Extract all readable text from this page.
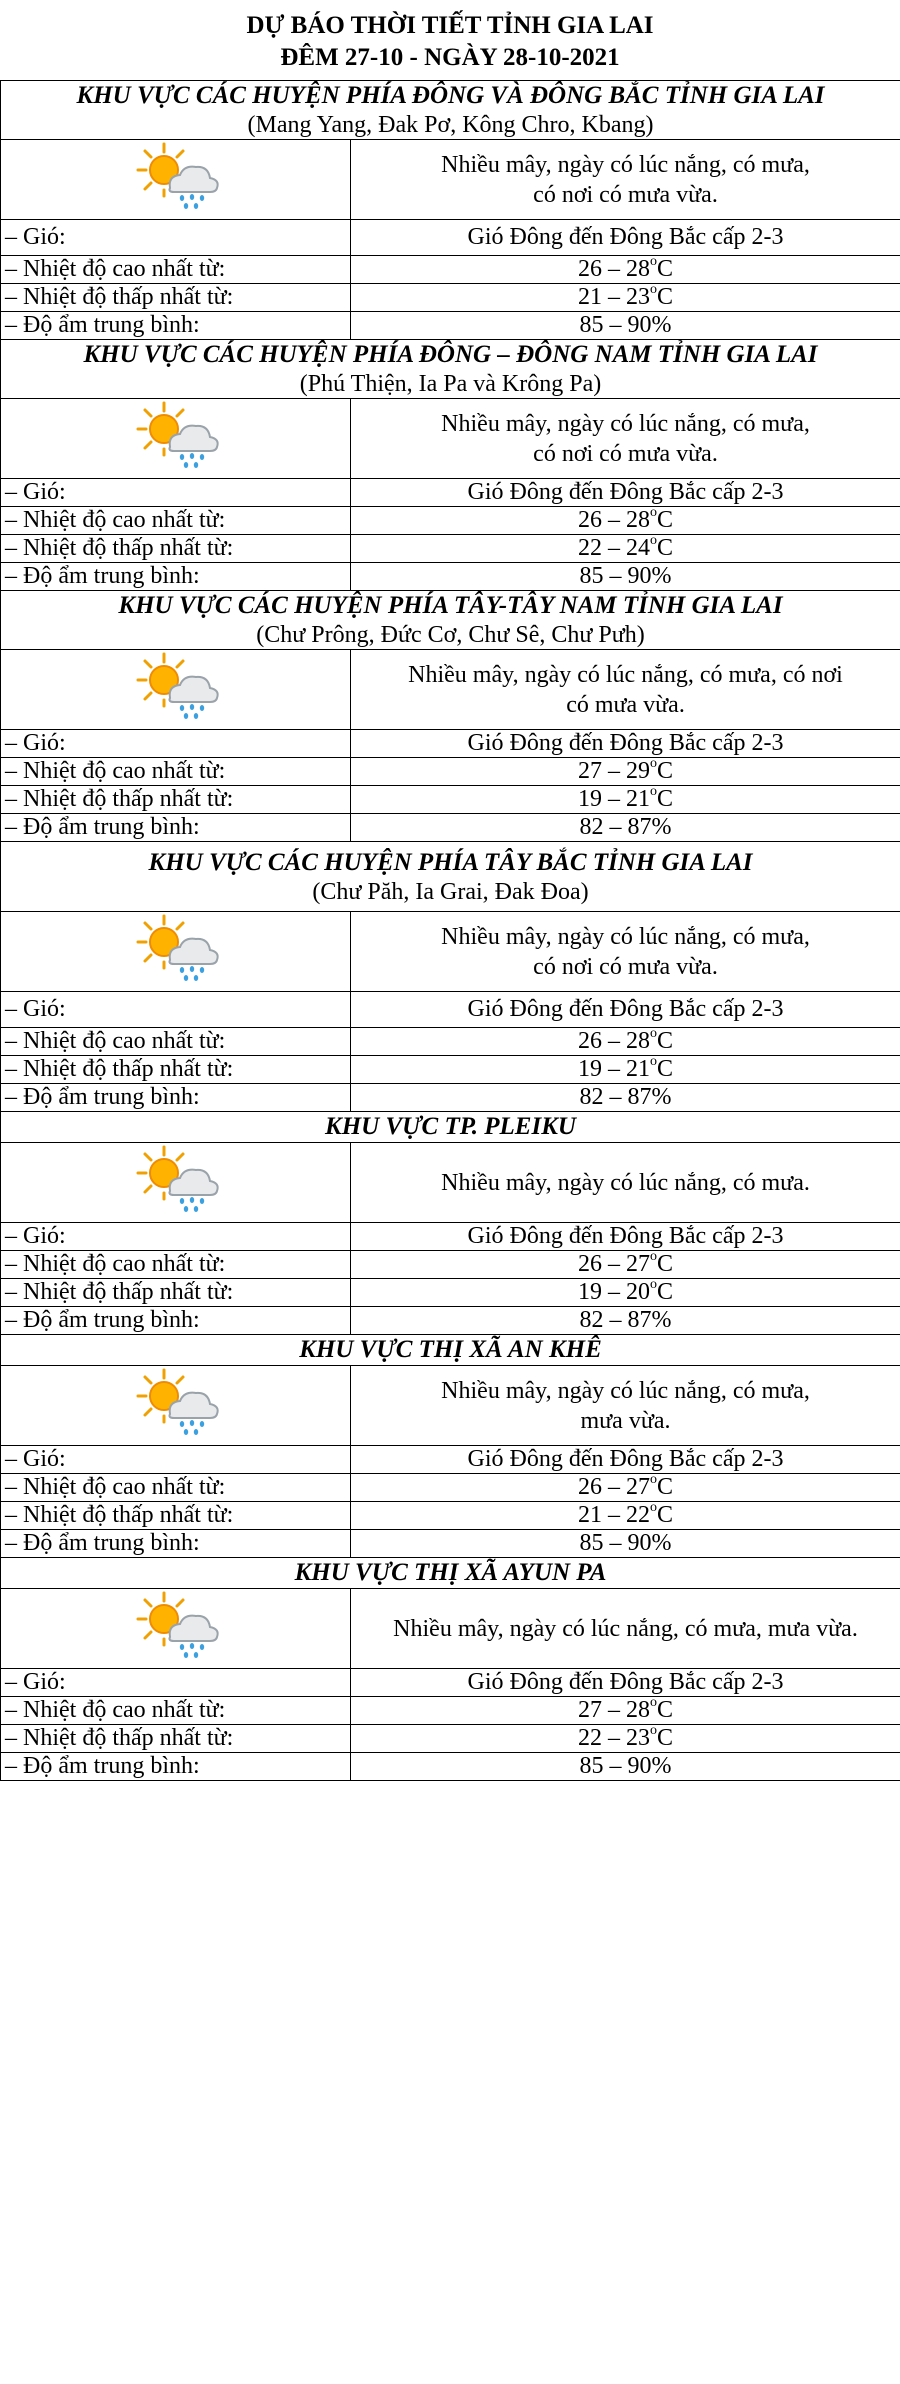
DỰ BÁO THỜI TIẾT TỈNH GIA LAI
ĐÊM 27-10 - NGÀY 28-10-2021
KHU VỰC CÁC HUYỆN PHÍA ĐÔNG VÀ ĐÔNG BẮC TỈNH GIA LAI
(Mang Yang, Đak Pơ, Kông Chro, Kbang)	

Nhiều mây, ngày có lúc nắng, có mưa,
có nơi có mưa vừa.

– Gió:	Gió Đông đến Đông Bắc cấp 2-3
– Nhiệt độ cao nhất từ:	26 – 28$^o$C
– Nhiệt độ thấp nhất từ:	21 – 23$^o$C
– Độ ẩm trung bình:	85 – 90%

KHU VỰC CÁC HUYỆN PHÍA ĐÔNG – ĐÔNG NAM TỈNH GIA LAI
(Phú Thiện, Ia Pa và Krông Pa)	

Nhiều mây, ngày có lúc nắng, có mưa,
có nơi có mưa vừa.

– Gió:	Gió Đông đến Đông Bắc cấp 2-3
– Nhiệt độ cao nhất từ:	26 – 28$^o$C
– Nhiệt độ thấp nhất từ:	22 – 24$^o$C
– Độ ẩm trung bình:	85 – 90%

KHU VỰC CÁC HUYỆN PHÍA TÂY-TÂY NAM TỈNH GIA LAI
(Chư Prông, Đức Cơ, Chư Sê, Chư Pưh)	

Nhiều mây, ngày có lúc nắng, có mưa, có nơi
có mưa vừa.

– Gió:	Gió Đông đến Đông Bắc cấp 2-3
– Nhiệt độ cao nhất từ:	27 – 29$^o$C
– Nhiệt độ thấp nhất từ:	19 – 21$^o$C
– Độ ẩm trung bình:	82 – 87%

KHU VỰC CÁC HUYỆN PHÍA TÂY BẮC TỈNH GIA LAI
(Chư Păh, Ia Grai, Đak Đoa)	

Nhiều mây, ngày có lúc nắng, có mưa,
có nơi có mưa vừa.

– Gió:	Gió Đông đến Đông Bắc cấp 2-3
– Nhiệt độ cao nhất từ:	26 – 28$^o$C
– Nhiệt độ thấp nhất từ:	19 – 21$^o$C
– Độ ẩm trung bình:	82 – 87%

KHU VỰC TP. PLEIKU	

Nhiều mây, ngày có lúc nắng, có mưa.

– Gió:	Gió Đông đến Đông Bắc cấp 2-3
– Nhiệt độ cao nhất từ:	26 – 27$^o$C
– Nhiệt độ thấp nhất từ:	19 – 20$^o$C
– Độ ẩm trung bình:	82 – 87%

KHU VỰC THỊ XÃ AN KHÊ	

Nhiều mây, ngày có lúc nắng, có mưa,
mưa vừa.

– Gió:	Gió Đông đến Đông Bắc cấp 2-3
– Nhiệt độ cao nhất từ:	26 – 27$^o$C
– Nhiệt độ thấp nhất từ:	21 – 22$^o$C
– Độ ẩm trung bình:	85 – 90%

KHU VỰC THỊ XÃ AYUN PA	

Nhiều mây, ngày có lúc nắng, có mưa, mưa vừa.

– Gió:	Gió Đông đến Đông Bắc cấp 2-3
– Nhiệt độ cao nhất từ:	27 – 28$^o$C
– Nhiệt độ thấp nhất từ:	22 – 23$^o$C
– Độ ẩm trung bình:	85 – 90%
